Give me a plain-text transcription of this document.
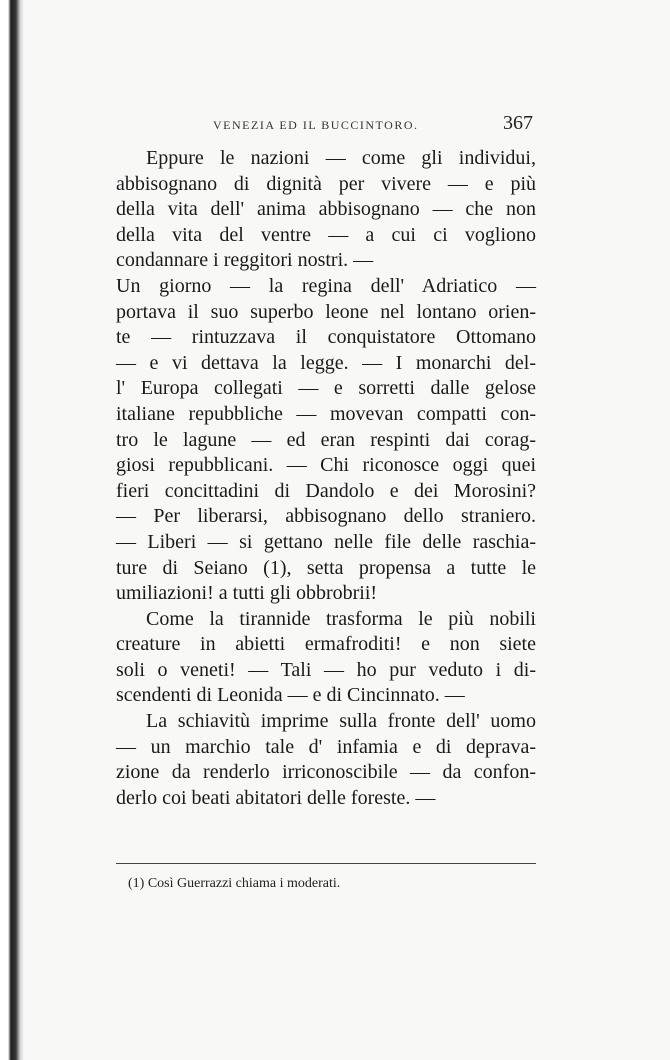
VENEZIA ED IL BUCCINTORO.	367
Eppure le nazioni — come gli individui,
abbisognano di dignità per vivere — e più
della vita dell' anima abbisognano — che non
della vita del ventre — a cui ci vogliono
condannare i reggitori nostri. —
Un giorno — la regina dell' Adriatico —
portava il suo superbo leone nel lontano orien-
te — rintuzzava il conquistatore Ottomano
— e vi dettava la legge. — I monarchi del-
l' Europa collegati — e sorretti dalle gelose
italiane repubbliche — movevan compatti con-
tro le lagune — ed eran respinti dai corag-
giosi repubblicani. — Chi riconosce oggi quei
fieri concittadini di Dandolo e dei Morosini?
— Per liberarsi, abbisognano dello straniero.
— Liberi — si gettano nelle file delle raschia-
ture di Seiano (1), setta propensa a tutte le
umiliazioni! a tutti gli obbrobrii!
Come la tirannide trasforma le più nobili
creature in abietti ermafroditi! e non siete
soli o veneti! — Tali — ho pur veduto i di-
scendenti di Leonida — e di Cincinnato. —
La schiavitù imprime sulla fronte dell' uomo
— un marchio tale d' infamia e di deprava-
zione da renderlo irriconoscibile — da confon-
derlo coi beati abitatori delle foreste. —
(1) Così Guerrazzi chiama i moderati.
